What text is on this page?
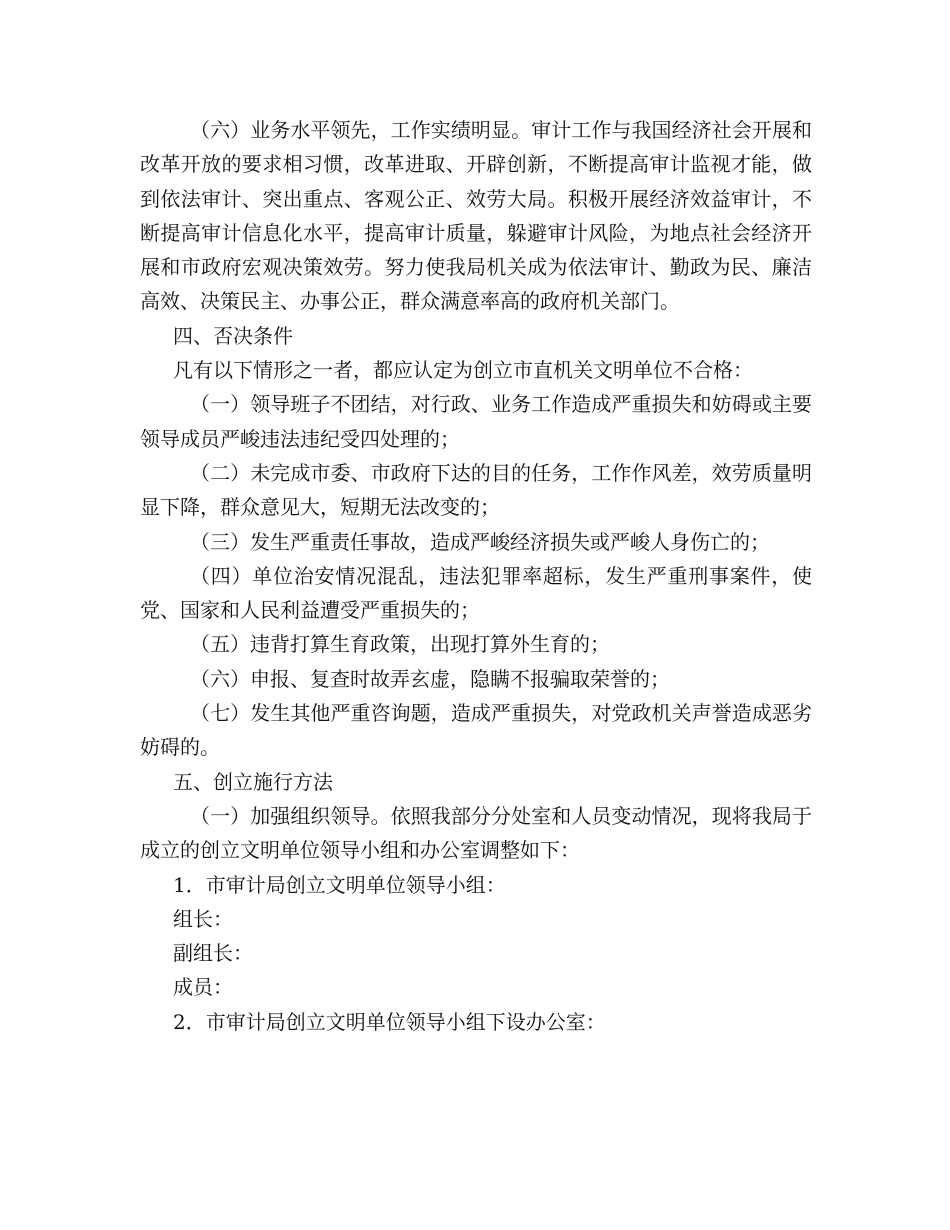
（六）业务水平领先，工作实绩明显。审计工作与我国经济社会开展和改革开放的要求相习惯，改革进取、开辟创新，不断提高审计监视才能，做到依法审计、突出重点、客观公正、效劳大局。积极开展经济效益审计，不断提高审计信息化水平，提高审计质量，躲避审计风险，为地点社会经济开展和市政府宏观决策效劳。努力使我局机关成为依法审计、勤政为民、廉洁高效、决策民主、办事公正，群众满意率高的政府机关部门。

四、否决条件

凡有以下情形之一者，都应认定为创立市直机关文明单位不合格：

（一）领导班子不团结，对行政、业务工作造成严重损失和妨碍或主要领导成员严峻违法违纪受四处理的；

（二）未完成市委、市政府下达的目的任务，工作作风差，效劳质量明显下降，群众意见大，短期无法改变的；

（三）发生严重责任事故，造成严峻经济损失或严峻人身伤亡的；

（四）单位治安情况混乱，违法犯罪率超标，发生严重刑事案件，使党、国家和人民利益遭受严重损失的；

（五）违背打算生育政策，出现打算外生育的；

（六）申报、复查时故弄玄虚，隐瞒不报骗取荣誉的；

（七）发生其他严重咨询题，造成严重损失，对党政机关声誉造成恶劣妨碍的。

五、创立施行方法

（一）加强组织领导。依照我部分分处室和人员变动情况，现将我局于成立的创立文明单位领导小组和办公室调整如下：

1．市审计局创立文明单位领导小组：

组长：

副组长：

成员：

2．市审计局创立文明单位领导小组下设办公室：
